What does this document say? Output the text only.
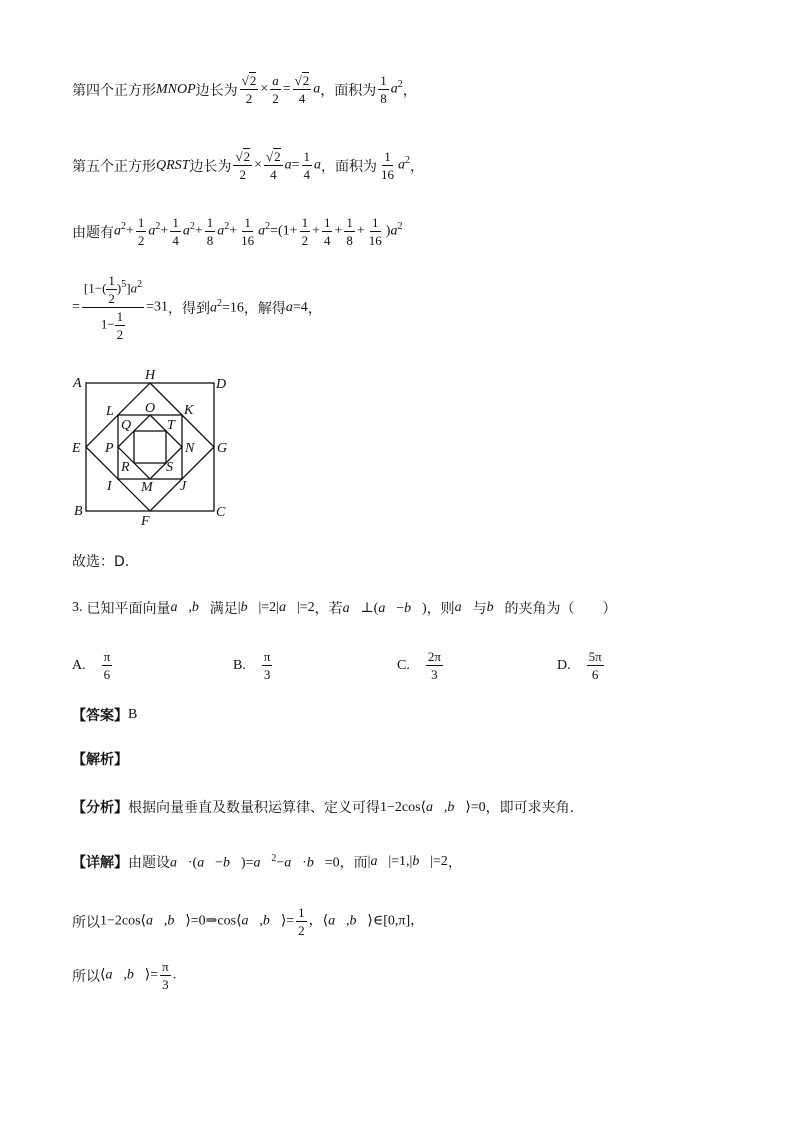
第四个正方形 MNOP 边长为 $\frac{√2}{2} \times \frac{a}{2} = \frac{√2}{4}$ a ，面积为 $\frac{1}{8} a^2$ ，
第五个正方形 QRST 边长为 $\frac{√2}{2} \times \frac{√2}{4} a= \frac{1}{4}$ a ，面积为 $\frac{1}{16} a^2$ ，
由题有 $a^2+ \frac{1}{2} a^2+ \frac{1}{4} a^2+ \frac{1}{8} a^2+ \frac{1}{16} a^2=(1+ \frac{1}{2} + \frac{1}{4} + \frac{1}{8} + \frac{1}{16} )a^2$
= $\frac{[1-( \frac{1}{2} )^5]a^2}{1- \frac{1}{2}} =31$ ，得到 $a^2=16$ ，解得 a=4 ，
A
H
D
L O K
Q	T
E P	G
N
R	S
I M J
B
F
C
故选：D.
3. 已知平面向量 a⃗,b⃗ 满足 |b⃗|=2|a⃗|=2 ，若 a⃗⊥(a⃗−b⃗) ，则 a⃗ 与 b⃗ 的夹角为（　　）
A. $\frac{\pi}{6}$	B. $\frac{\pi}{3}$	C. $\frac{2\pi}{3}$	D. $\frac{5\pi}{6}$
【答案】 B
【解析】
【分析】 根据向量垂直及数量积运算律、定义可得 1−2cos⟨a⃗,b⃗⟩=0 ，即可求夹角.
【详解】 由题设 a⃗·(a⃗−b⃗)=a⃗$^2$−a⃗·b⃗=0 ，而 |a⃗|=1,|b⃗|=2 ，
所以 1−2cos⟨a⃗,b⃗⟩=0⇒cos⟨a⃗,b⃗⟩= $\frac{1}{2}$ ，⟨a⃗,b⃗⟩∈[0,π]，
所以 ⟨a⃗,b⃗⟩= $\frac{\pi}{3}$ .
